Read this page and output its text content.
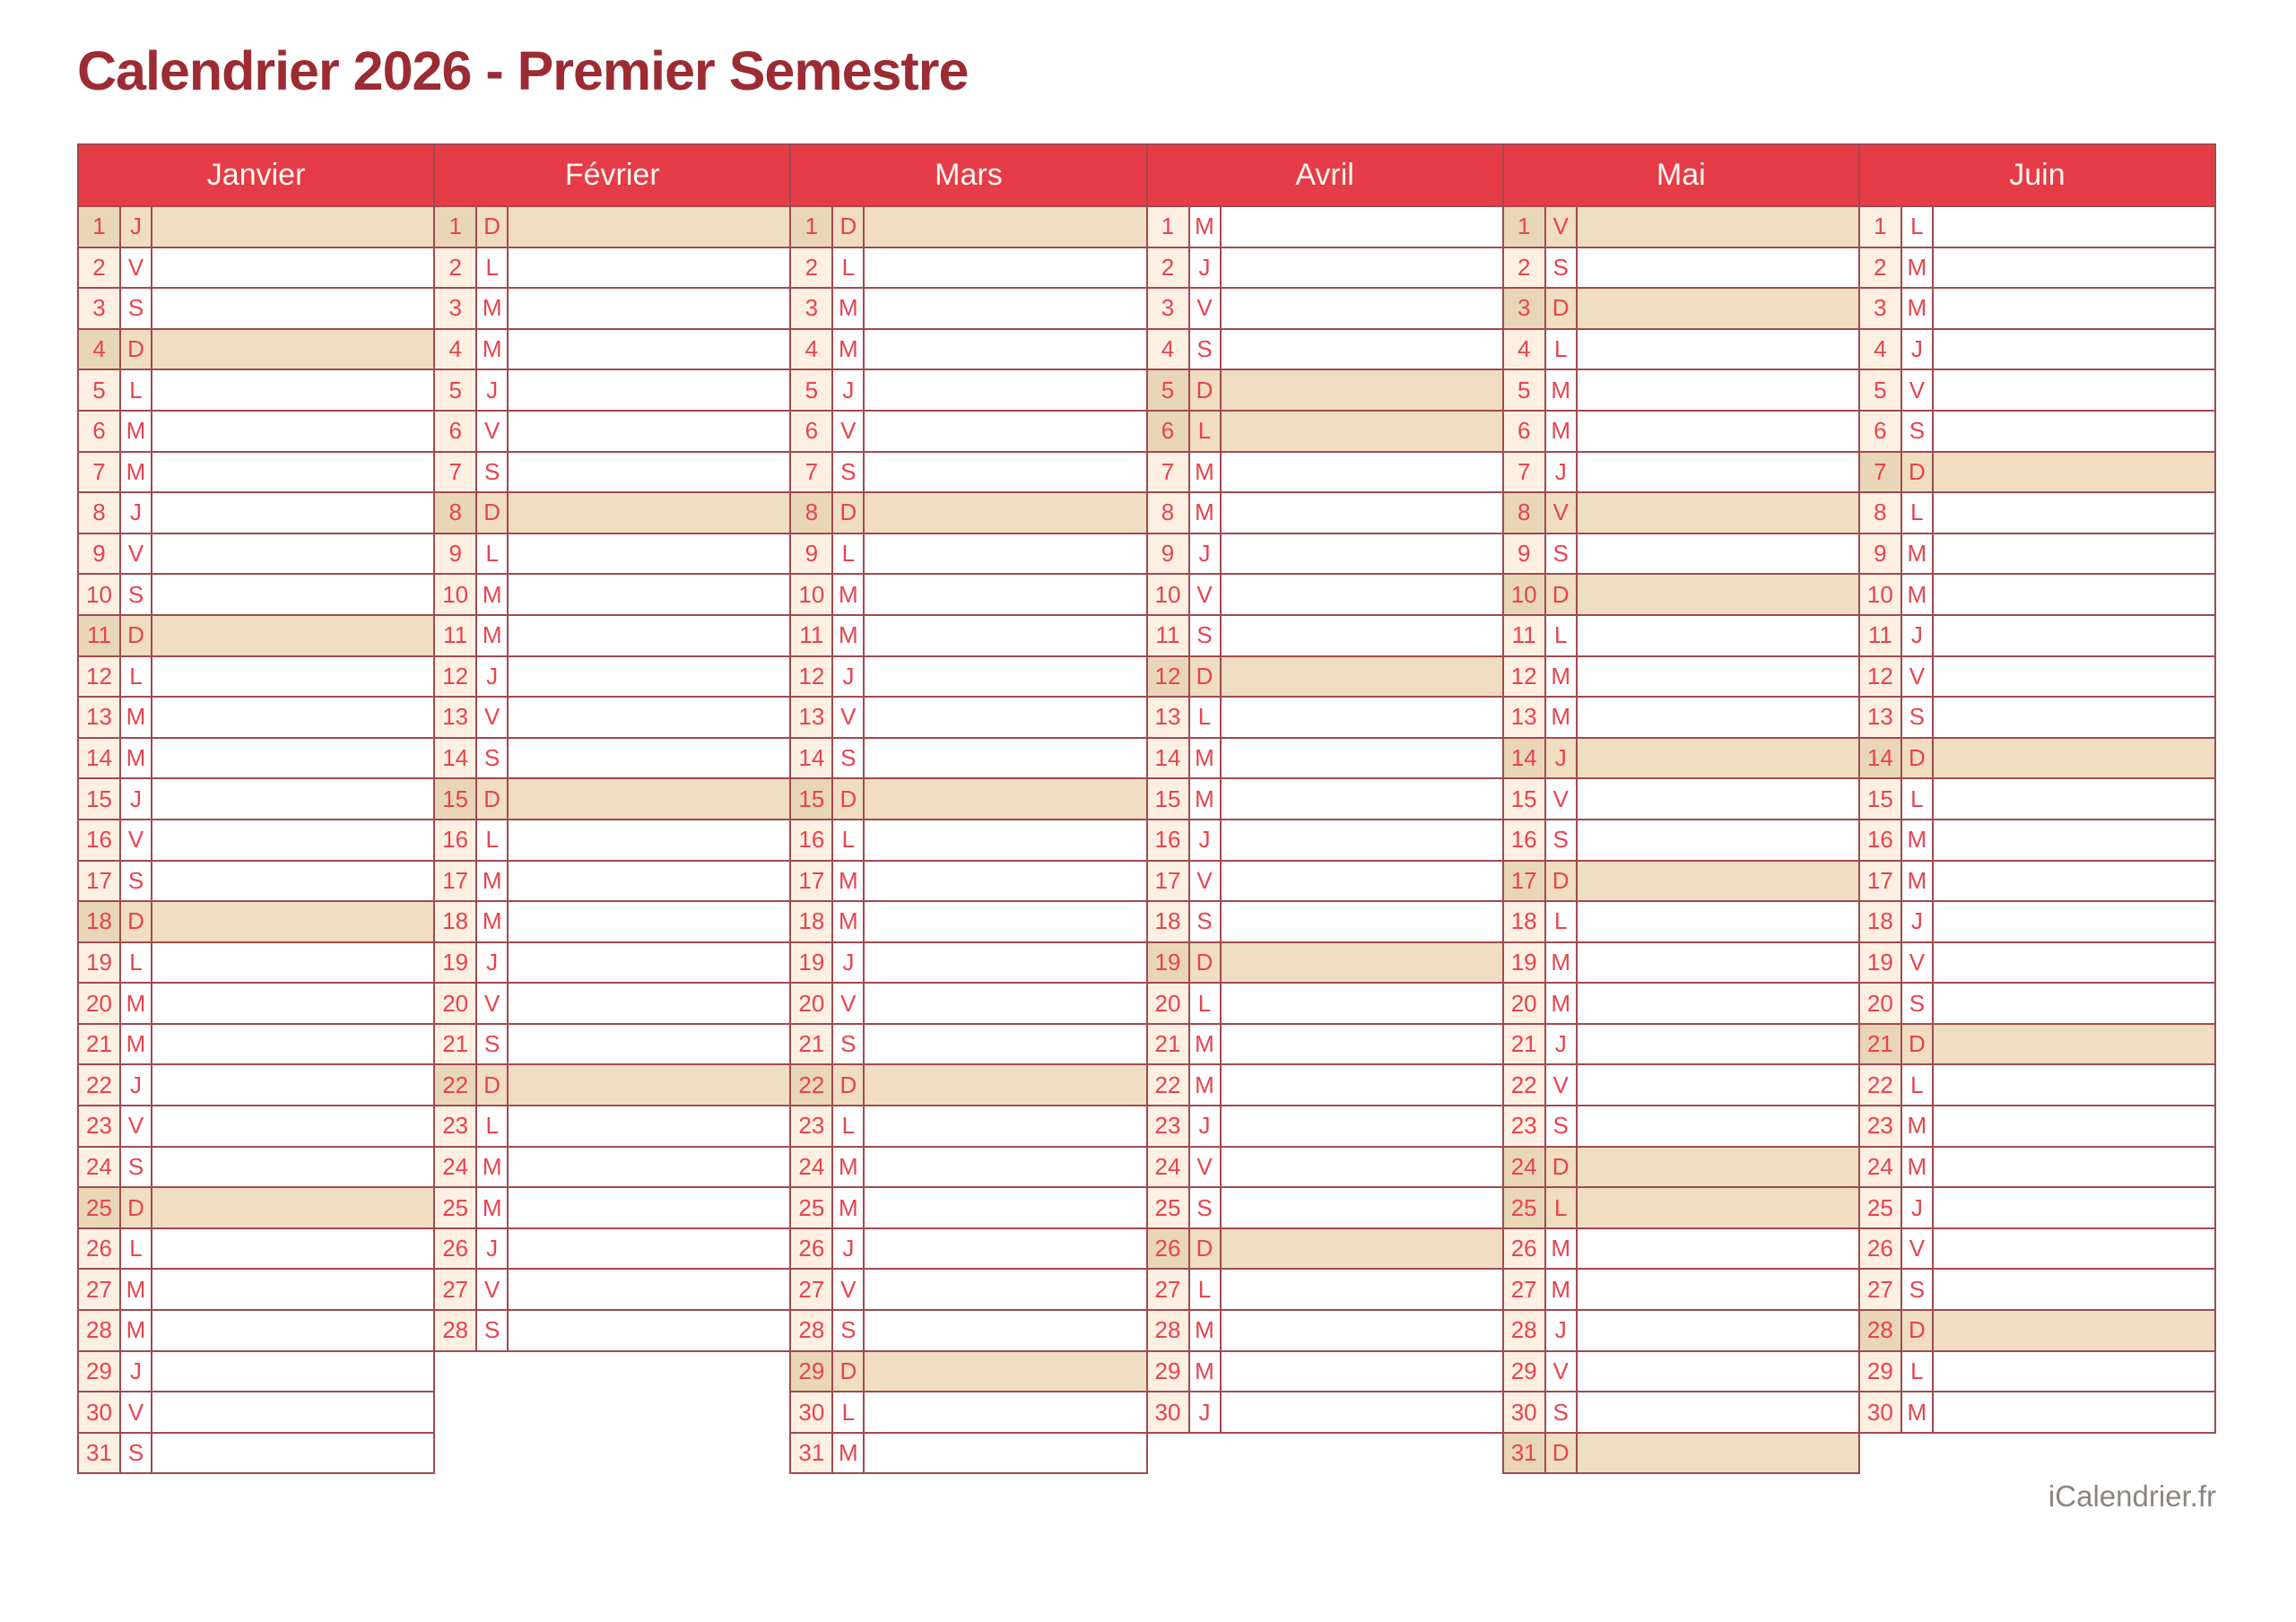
Calendrier 2026 - Premier Semestre
Janvier
1	J
2 V
3 S
4 D
5	L
6 M
7 M
8	J
9 V
10 S
11 D
12 L
13 M
14 M
15 J
16 V
17 S
18 D
19 L
20 M
21 M
22 J
23 V
24 S
25 D
26 L
27 M
28 M
29 J
30 V
31 S
Février
1 D
2	L
3 M
4 M
5	J
6 V
7 S
8 D
9	L
10 M
11 M
12 J
13 V
14 S
15 D
16 L
17 M
18 M
19 J
20 V
21 S
22 D
23 L
24 M
25 M
26 J
27 V
28 S
Mars
1 D
2	L
3 M
4 M
5	J
6 V
7 S
8 D
9	L
10 M
11 M
12 J
13 V
14 S
15 D
16 L
17 M
18 M
19 J
20 V
21 S
22 D
23 L
24 M
25 M
26 J
27 V
28 S
29 D
30 L
31 M
Avril
1 M
2	J
3 V
4 S
5 D
6	L
7 M
8 M
9	J
10 V
11 S
12 D
13 L
14 M
15 M
16 J
17 V
18 S
19 D
20 L
21 M
22 M
23 J
24 V
25 S
26 D
27 L
28 M
29 M
30 J
Mai
1 V
2 S
3 D
4	L
5 M
6 M
7	J
8 V
9 S
10 D
11 L
12 M
13 M
14 J
15 V
16 S
17 D
18 L
19 M
20 M
21 J
22 V
23 S
24 D
25 L
26 M
27 M
28 J
29 V
30 S
31 D
Juin
1	L
2 M
3 M
4	J
5 V
6 S
7 D
8	L
9 M
10 M
11 J
12 V
13 S
14 D
15 L
16 M
17 M
18 J
19 V
20 S
21 D
22 L
23 M
24 M
25 J
26 V
27 S
28 D
29 L
30 M
iCalendrier.fr
